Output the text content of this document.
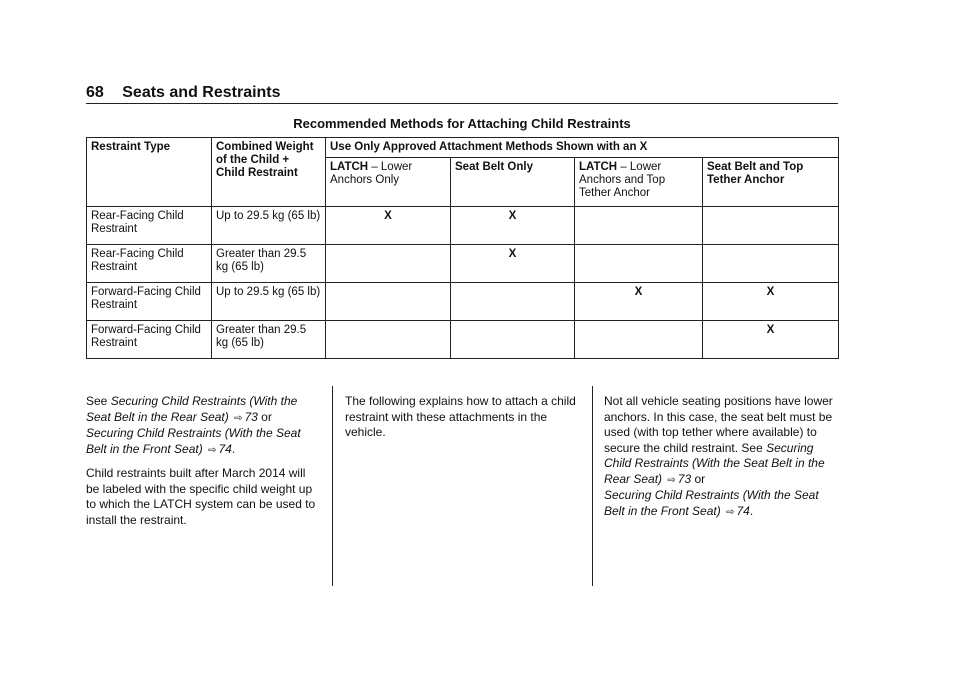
68 Seats and Restraints
Recommended Methods for Attaching Child Restraints
Restraint Type	Combined Weight of the Child + Child Restraint	Use Only Approved Attachment Methods Shown with an X			
		LATCH – Lower Anchors Only	Seat Belt Only	LATCH – Lower Anchors and Top Tether Anchor	Seat Belt and Top Tether Anchor
Rear-Facing Child Restraint	Up to 29.5 kg (65 lb)	X	X		
Rear-Facing Child Restraint	Greater than 29.5 kg (65 lb)		X		
Forward-Facing Child Restraint	Up to 29.5 kg (65 lb)			X	X
Forward-Facing Child Restraint	Greater than 29.5 kg (65 lb)				X

See Securing Child Restraints (With the Seat Belt in the Rear Seat) ⇨ 73 or
Securing Child Restraints (With the Seat Belt in the Front Seat) ⇨ 74.

Child restraints built after March 2014 will be labeled with the specific child weight up to which the LATCH system can be used to install the restraint.

The following explains how to attach a child restraint with these attachments in the vehicle.

Not all vehicle seating positions have lower anchors. In this case, the seat belt must be used (with top tether where available) to secure the child restraint. See Securing Child Restraints (With the Seat Belt in the Rear Seat) ⇨ 73 or
Securing Child Restraints (With the Seat Belt in the Front Seat) ⇨ 74.
